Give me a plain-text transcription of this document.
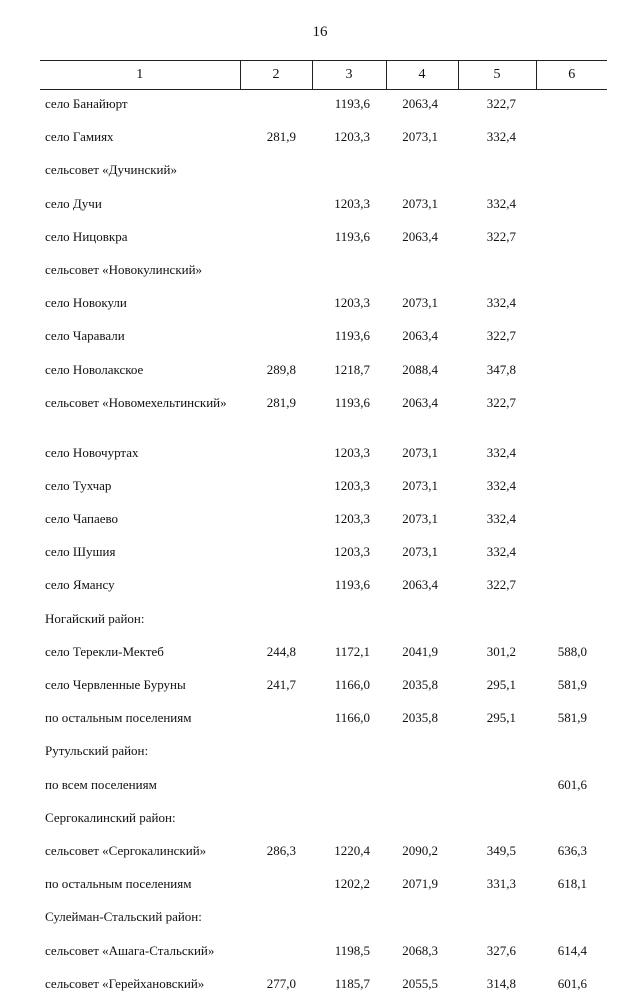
16
1	2	3	4	5	6
село Банайюрт		1193,6	2063,4	322,7	
село Гамиях	281,9	1203,3	2073,1	332,4	
сельсовет «Дучинский»					
село Дучи		1203,3	2073,1	332,4	
село Ницовкра		1193,6	2063,4	322,7	
сельсовет «Новокулинский»					
село Новокули		1203,3	2073,1	332,4	
село Чаравали		1193,6	2063,4	322,7	
село Новолакское	289,8	1218,7	2088,4	347,8	
сельсовет «Новомехельтинский»	281,9	1193,6	2063,4	322,7	
село Новочуртах		1203,3	2073,1	332,4	
село Тухчар		1203,3	2073,1	332,4	
село Чапаево		1203,3	2073,1	332,4	
село Шушия		1203,3	2073,1	332,4	
село Ямансу		1193,6	2063,4	322,7	
Ногайский район:					
село Терекли-Мектеб	244,8	1172,1	2041,9	301,2	588,0
село Червленные Буруны	241,7	1166,0	2035,8	295,1	581,9
по остальным поселениям		1166,0	2035,8	295,1	581,9
Рутульский район:					
по всем поселениям					601,6
Сергокалинский район:					
сельсовет «Сергокалинский»	286,3	1220,4	2090,2	349,5	636,3
по остальным поселениям		1202,2	2071,9	331,3	618,1
Сулейман-Стальский район:					
сельсовет «Ашага-Стальский»		1198,5	2068,3	327,6	614,4
сельсовет «Герейхановский»	277,0	1185,7	2055,5	314,8	601,6
